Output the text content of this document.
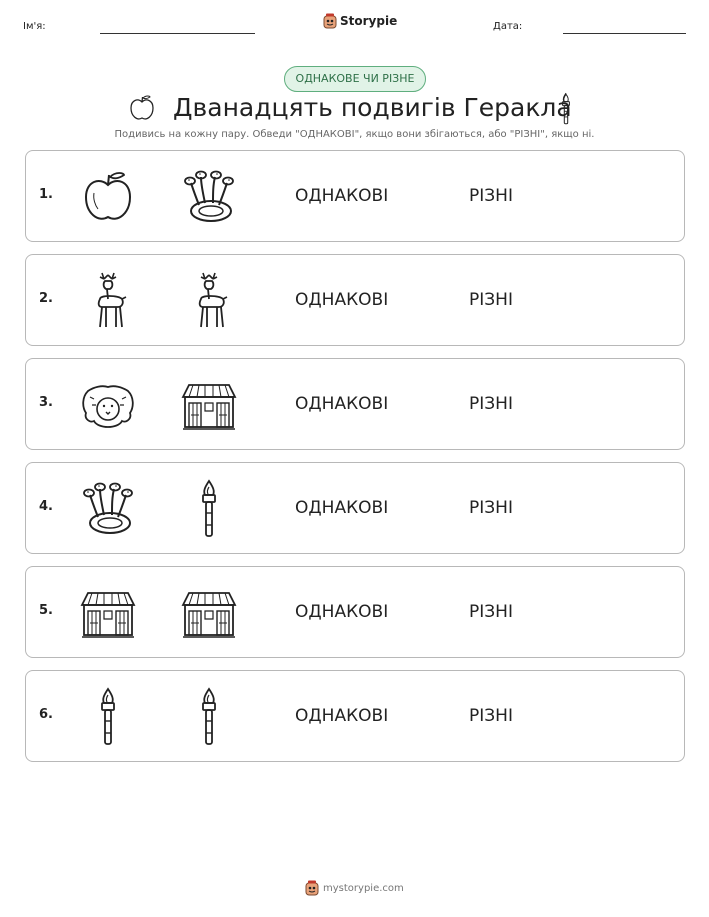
Ім'я:	Storypie	Дата:
ОДНАКОВЕ ЧИ РІЗНЕ
Дванадцять подвигів Геракла
Подивись на кожну пару. Обведи "ОДНАКОВІ", якщо вони збігаються, або "РІЗНІ", якщо ні.
1.	ОДНАКОВІ	РІЗНІ
2.	ОДНАКОВІ	РІЗНІ
3.	ОДНАКОВІ	РІЗНІ
4.	ОДНАКОВІ	РІЗНІ
5.	ОДНАКОВІ	РІЗНІ
6.	ОДНАКОВІ	РІЗНІ
mystorypie.com
